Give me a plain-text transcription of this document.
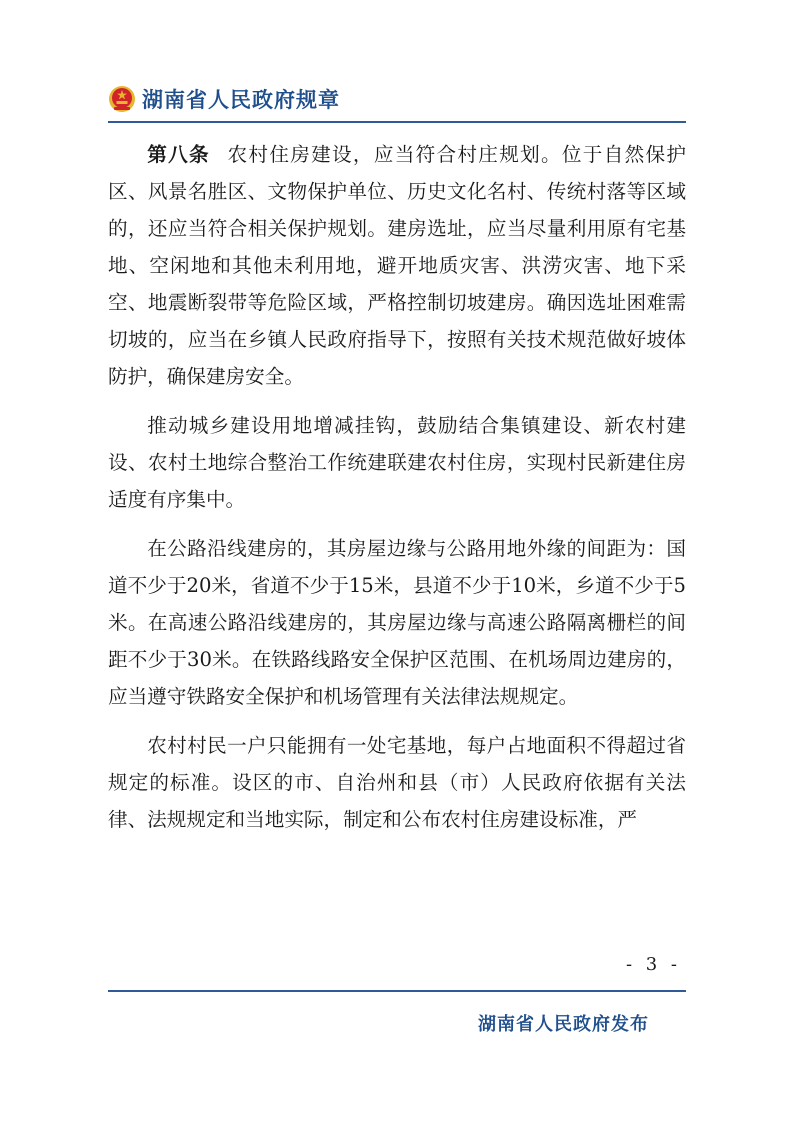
湖南省人民政府规章

第八条 农村住房建设，应当符合村庄规划。位于自然保护区、风景名胜区、文物保护单位、历史文化名村、传统村落等区域的，还应当符合相关保护规划。建房选址，应当尽量利用原有宅基地、空闲地和其他未利用地，避开地质灾害、洪涝灾害、地下采空、地震断裂带等危险区域，严格控制切坡建房。确因选址困难需切坡的，应当在乡镇人民政府指导下，按照有关技术规范做好坡体防护，确保建房安全。

推动城乡建设用地增减挂钩，鼓励结合集镇建设、新农村建设、农村土地综合整治工作统建联建农村住房，实现村民新建住房适度有序集中。

在公路沿线建房的，其房屋边缘与公路用地外缘的间距为：国道不少于20米，省道不少于15米，县道不少于10米，乡道不少于5米。在高速公路沿线建房的，其房屋边缘与高速公路隔离栅栏的间距不少于30米。在铁路线路安全保护区范围、在机场周边建房的，应当遵守铁路安全保护和机场管理有关法律法规规定。

农村村民一户只能拥有一处宅基地，每户占地面积不得超过省规定的标准。设区的市、自治州和县（市）人民政府依据有关法律、法规规定和当地实际，制定和公布农村住房建设标准，严

- 3 -
湖南省人民政府发布
